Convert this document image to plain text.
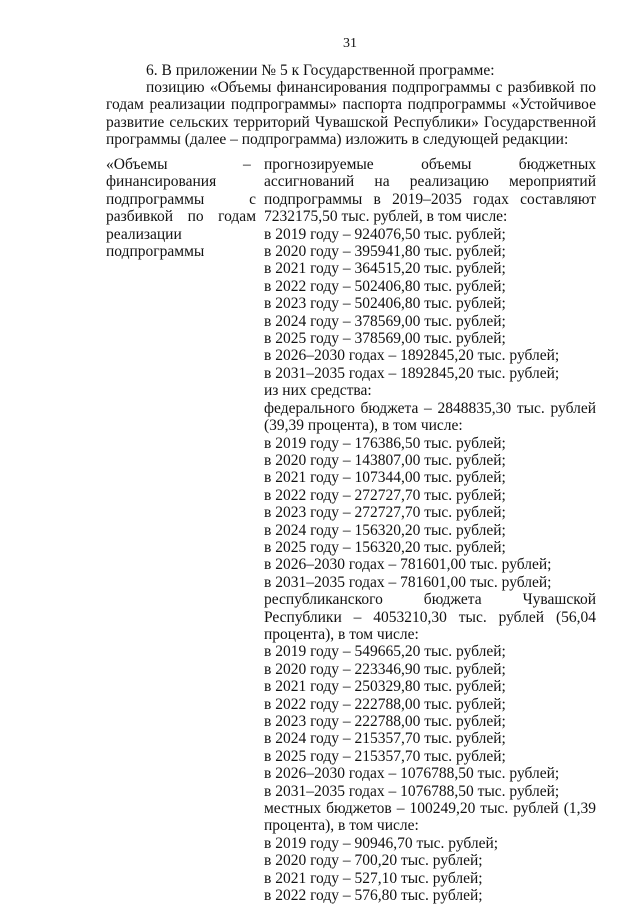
31

6. В приложении № 5 к Государственной программе:

позицию «Объемы финансирования подпрограммы с разбивкой по годам реализации подпрограммы» паспорта подпрограммы «Устойчивое развитие сельских территорий Чувашской Республики» Государственной программы (далее – подпрограмма) изложить в следующей редакции:

«Объемы финансирования подпрограммы с разбивкой по годам реализации подпрограммы
– прогнозируемые объемы бюджетных ассигнований на реализацию мероприятий подпрограммы в 2019–2035 годах составляют 7232175,50 тыс. рублей, в том числе:
в 2019 году – 924076,50 тыс. рублей;
в 2020 году – 395941,80 тыс. рублей;
в 2021 году – 364515,20 тыс. рублей;
в 2022 году – 502406,80 тыс. рублей;
в 2023 году – 502406,80 тыс. рублей;
в 2024 году – 378569,00 тыс. рублей;
в 2025 году – 378569,00 тыс. рублей;
в 2026–2030 годах – 1892845,20 тыс. рублей;
в 2031–2035 годах – 1892845,20 тыс. рублей;
из них средства:
федерального бюджета – 2848835,30 тыс. рублей (39,39 процента), в том числе:
в 2019 году – 176386,50 тыс. рублей;
в 2020 году – 143807,00 тыс. рублей;
в 2021 году – 107344,00 тыс. рублей;
в 2022 году – 272727,70 тыс. рублей;
в 2023 году – 272727,70 тыс. рублей;
в 2024 году – 156320,20 тыс. рублей;
в 2025 году – 156320,20 тыс. рублей;
в 2026–2030 годах – 781601,00 тыс. рублей;
в 2031–2035 годах – 781601,00 тыс. рублей;
республиканского бюджета Чувашской Республики – 4053210,30 тыс. рублей (56,04 процента), в том числе:
в 2019 году – 549665,20 тыс. рублей;
в 2020 году – 223346,90 тыс. рублей;
в 2021 году – 250329,80 тыс. рублей;
в 2022 году – 222788,00 тыс. рублей;
в 2023 году – 222788,00 тыс. рублей;
в 2024 году – 215357,70 тыс. рублей;
в 2025 году – 215357,70 тыс. рублей;
в 2026–2030 годах – 1076788,50 тыс. рублей;
в 2031–2035 годах – 1076788,50 тыс. рублей;
местных бюджетов – 100249,20 тыс. рублей (1,39 процента), в том числе:
в 2019 году – 90946,70 тыс. рублей;
в 2020 году – 700,20 тыс. рублей;
в 2021 году – 527,10 тыс. рублей;
в 2022 году – 576,80 тыс. рублей;
